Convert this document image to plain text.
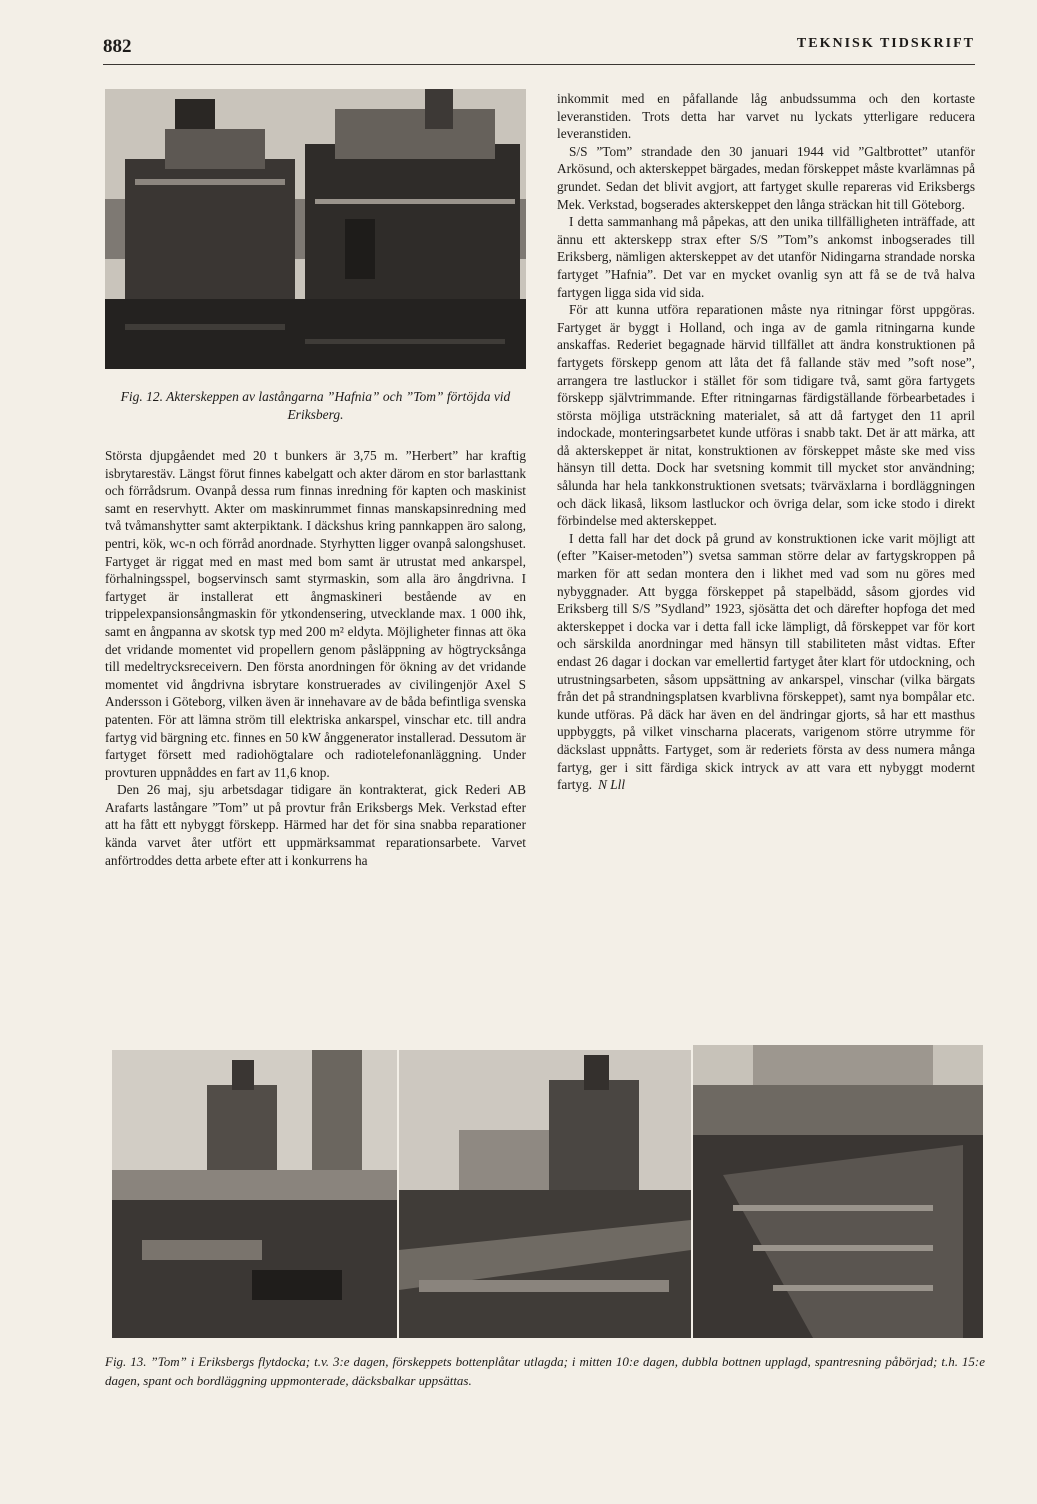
882	TEKNISK TIDSKRIFT
Fig. 12. Akterskeppen av lastångarna ”Hafnia” och ”Tom” förtöjda vid Eriksberg.

Största djupgåendet med 20 t bunkers är 3,75 m. ”Herbert” har kraftig isbrytarestäv. Längst förut finnes kabelgatt och akter därom en stor barlasttank och förrådsrum. Ovanpå dessa rum finnas inredning för kapten och maskinist samt en reservhytt. Akter om maskinrummet finnas manskapsinredning med två tvåmanshytter samt akterpiktank. I däckshus kring pannkappen äro salong, pentri, kök, wc-n och förråd anordnade. Styrhytten ligger ovanpå salongshuset. Fartyget är riggat med en mast med bom samt är utrustat med ankarspel, förhalningsspel, bogservinsch samt styrmaskin, som alla äro ångdrivna. I fartyget är installerat ett ångmaskineri bestående av en trippelexpansionsångmaskin för ytkondensering, utvecklande max. 1 000 ihk, samt en ångpanna av skotsk typ med 200 m² eldyta. Möjligheter finnas att öka det vridande momentet vid propellern genom påsläppning av högtrycksånga till medeltrycksreceivern. Den första anordningen för ökning av det vridande momentet vid ångdrivna isbrytare konstruerades av civilingenjör Axel S Andersson i Göteborg, vilken även är innehavare av de båda befintliga svenska patenten. För att lämna ström till elektriska ankarspel, vinschar etc. till andra fartyg vid bärgning etc. finnes en 50 kW ånggenerator installerad. Dessutom är fartyget försett med radiohögtalare och radiotelefonanläggning. Under provturen uppnåddes en fart av 11,6 knop.

Den 26 maj, sju arbetsdagar tidigare än kontrakterat, gick Rederi AB Arafarts lastångare ”Tom” ut på provtur från Eriksbergs Mek. Verkstad efter att ha fått ett nybyggt förskepp. Härmed har det för sina snabba reparationer kända varvet åter utfört ett uppmärksammat reparationsarbete. Varvet anförtroddes detta arbete efter att i konkurrens ha

inkommit med en påfallande låg anbudssumma och den kortaste leveranstiden. Trots detta har varvet nu lyckats ytterligare reducera leveranstiden.

S/S ”Tom” strandade den 30 januari 1944 vid ”Galtbrottet” utanför Arkösund, och akterskeppet bärgades, medan förskeppet måste kvarlämnas på grundet. Sedan det blivit avgjort, att fartyget skulle repareras vid Eriksbergs Mek. Verkstad, bogserades akterskeppet den långa sträckan hit till Göteborg.

I detta sammanhang må påpekas, att den unika tillfälligheten inträffade, att ännu ett akterskepp strax efter S/S ”Tom”s ankomst inbogserades till Eriksberg, nämligen akterskeppet av det utanför Nidingarna strandade norska fartyget ”Hafnia”. Det var en mycket ovanlig syn att få se de två halva fartygen ligga sida vid sida.

För att kunna utföra reparationen måste nya ritningar först uppgöras. Fartyget är byggt i Holland, och inga av de gamla ritningarna kunde anskaffas. Rederiet begagnade härvid tillfället att ändra konstruktionen på fartygets förskepp genom att låta det få fallande stäv med ”soft nose”, arrangera tre lastluckor i stället för som tidigare två, samt göra fartygets förskepp självtrimmande. Efter ritningarnas färdigställande förbearbetades i största möjliga utsträckning materialet, så att då fartyget den 11 april indockade, monteringsarbetet kunde utföras i snabb takt. Det är att märka, att då akterskeppet är nitat, konstruktionen av förskeppet måste ske med viss hänsyn till detta. Dock har svetsning kommit till mycket stor användning; sålunda har hela tankkonstruktionen svetsats; tvärväxlarna i bordläggningen och däck likaså, liksom lastluckor och övriga delar, som icke stodo i direkt förbindelse med akterskeppet.

I detta fall har det dock på grund av konstruktionen icke varit möjligt att (efter ”Kaiser-metoden”) svetsa samman större delar av fartygskroppen på marken för att sedan montera den i likhet med vad som nu göres med nybyggnader. Att bygga förskeppet på stapelbädd, såsom gjordes vid Eriksberg till S/S ”Sydland” 1923, sjösätta det och därefter hopfoga det med akterskeppet i docka var i detta fall icke lämpligt, då förskeppet var för kort och särskilda anordningar med hänsyn till stabiliteten måst vidtas. Efter endast 26 dagar i dockan var emellertid fartyget åter klart för utdockning, och utrustningsarbeten, såsom uppsättning av ankarspel, vinschar (vilka bärgats från det på strandningsplatsen kvarblivna förskeppet), samt nya bompålar etc. kunde utföras. På däck har även en del ändringar gjorts, så har ett masthus uppbyggts, på vilket vinscharna placerats, varigenom större utrymme för däckslast uppnåtts. Fartyget, som är rederiets första av dess numera många fartyg, ger i sitt färdiga skick intryck av att vara ett nybyggt modernt fartyg. N Lll

Fig. 13. ”Tom” i Eriksbergs flytdocka; t.v. 3:e dagen, förskeppets bottenplåtar utlagda; i mitten 10:e dagen, dubbla bottnen upplagd, spantresning påbörjad; t.h. 15:e dagen, spant och bordläggning uppmonterade, däcksbalkar uppsättas.
